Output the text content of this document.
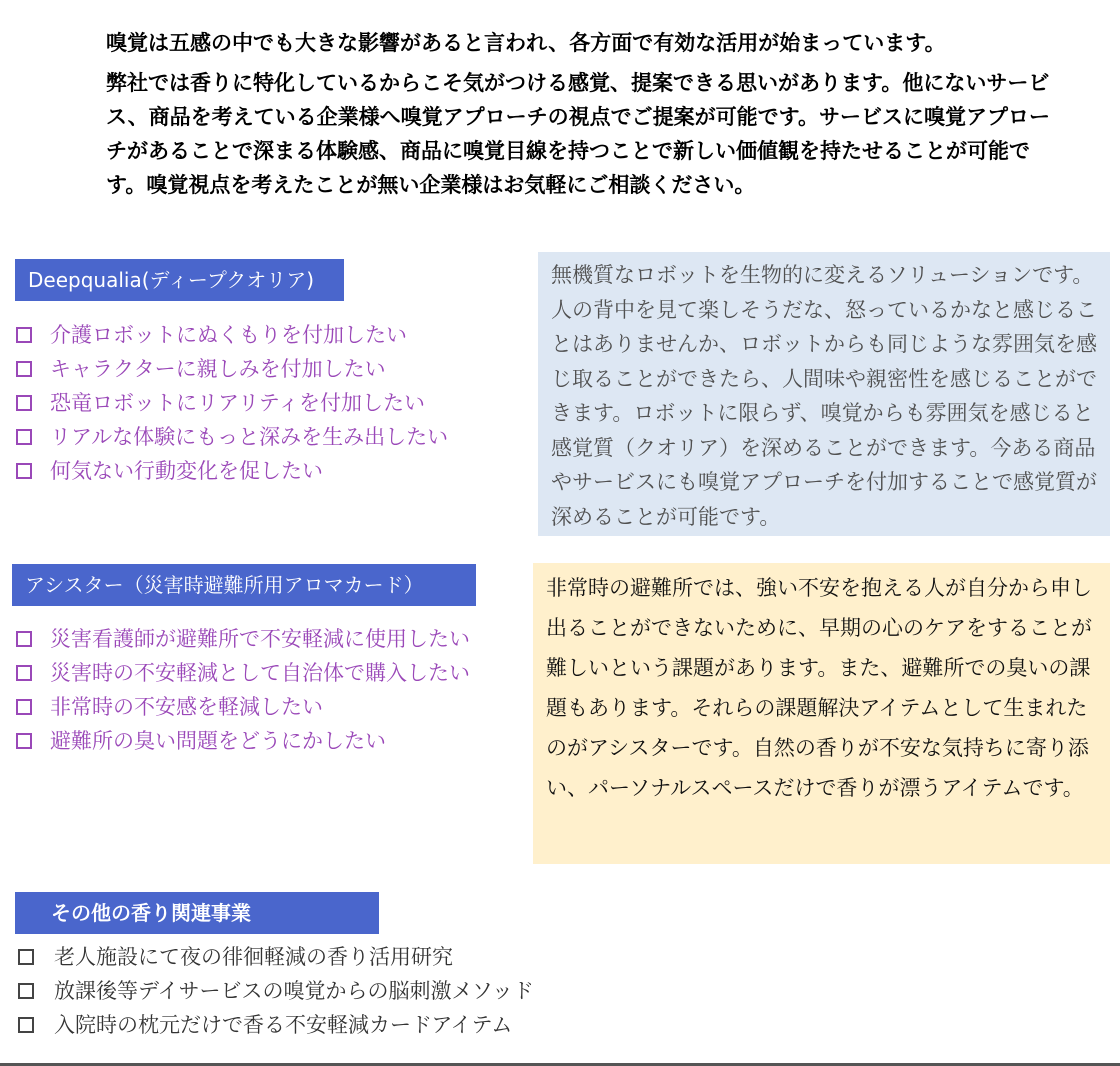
嗅覚は五感の中でも大きな影響があると言われ、各方面で有効な活用が始まっています。

弊社では香りに特化しているからこそ気がつける感覚、提案できる思いがあります。他にないサービス、商品を考えている企業様へ嗅覚アプローチの視点でご提案が可能です。サービスに嗅覚アプローチがあることで深まる体験感、商品に嗅覚目線を持つことで新しい価値観を持たせることが可能です。嗅覚視点を考えたことが無い企業様はお気軽にご相談ください。

Deepqualia(ディープクオリア)
介護ロボットにぬくもりを付加したい
キャラクターに親しみを付加したい
恐竜ロボットにリアリティを付加したい
リアルな体験にもっと深みを生み出したい
何気ない行動変化を促したい
無機質なロボットを生物的に変えるソリューションです。人の背中を見て楽しそうだな、怒っているかなと感じることはありませんか、ロボットからも同じような雰囲気を感じ取ることができたら、人間味や親密性を感じることができます。ロボットに限らず、嗅覚からも雰囲気を感じると感覚質（クオリア）を深めることができます。今ある商品やサービスにも嗅覚アプローチを付加することで感覚質が深めることが可能です。
アシスター（災害時避難所用アロマカード）
災害看護師が避難所で不安軽減に使用したい
災害時の不安軽減として自治体で購入したい
非常時の不安感を軽減したい
避難所の臭い問題をどうにかしたい
非常時の避難所では、強い不安を抱える人が自分から申し出ることができないために、早期の心のケアをすることが難しいという課題があります。また、避難所での臭いの課題もあります。それらの課題解決アイテムとして生まれたのがアシスターです。自然の香りが不安な気持ちに寄り添い、パーソナルスペースだけで香りが漂うアイテムです。
その他の香り関連事業
老人施設にて夜の徘徊軽減の香り活用研究
放課後等デイサービスの嗅覚からの脳刺激メソッド
入院時の枕元だけで香る不安軽減カードアイテム
